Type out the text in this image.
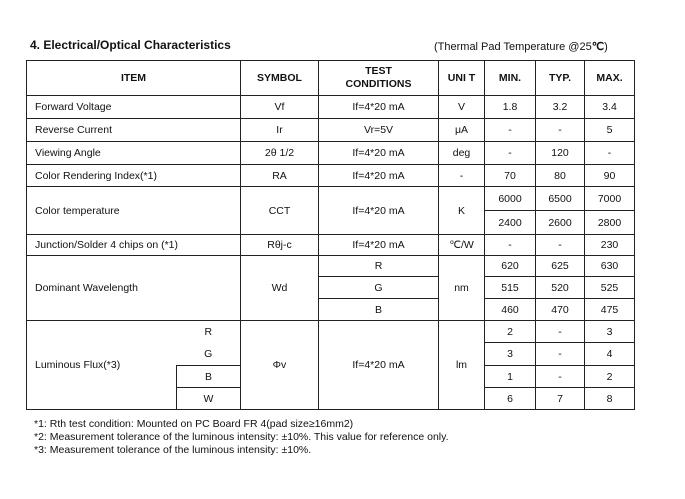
4. Electrical/Optical Characteristics	(Thermal Pad Temperature @25℃)
ITEM		SYMBOL	TEST CONDITIONS	UNI T	MIN.	TYP.	MAX.
Forward Voltage		Vf	If=4*20 mA	V	1.8	3.2	3.4
Reverse Current		Ir	Vr=5V	μA	-	-	5
Viewing Angle		2θ 1/2	If=4*20 mA	deg	-	120	-
Color Rendering Index(*1)		RA	If=4*20 mA	-	70	80	90
Color temperature		CCT	If=4*20 mA	K	6000	6500	7000
					2400	2600	2800
Junction/Solder 4 chips on (*1)		Rθj-c	If=4*20 mA	℃/W	-	-	230
Dominant Wavelength		Wd	R	nm	620	625	630
			G		515	520	525
			B		460	470	475
Luminous Flux(*3)	R	Φv	If=4*20 mA	lm	2	-	3
	G				3	-	4
	B				1	-	2
	W				6	7	8
*1: Rth test condition: Mounted on PC Board FR 4(pad size≥16mm2)
*2: Measurement tolerance of the luminous intensity: ±10%. This value for reference only.
*3: Measurement tolerance of the luminous intensity: ±10%.
